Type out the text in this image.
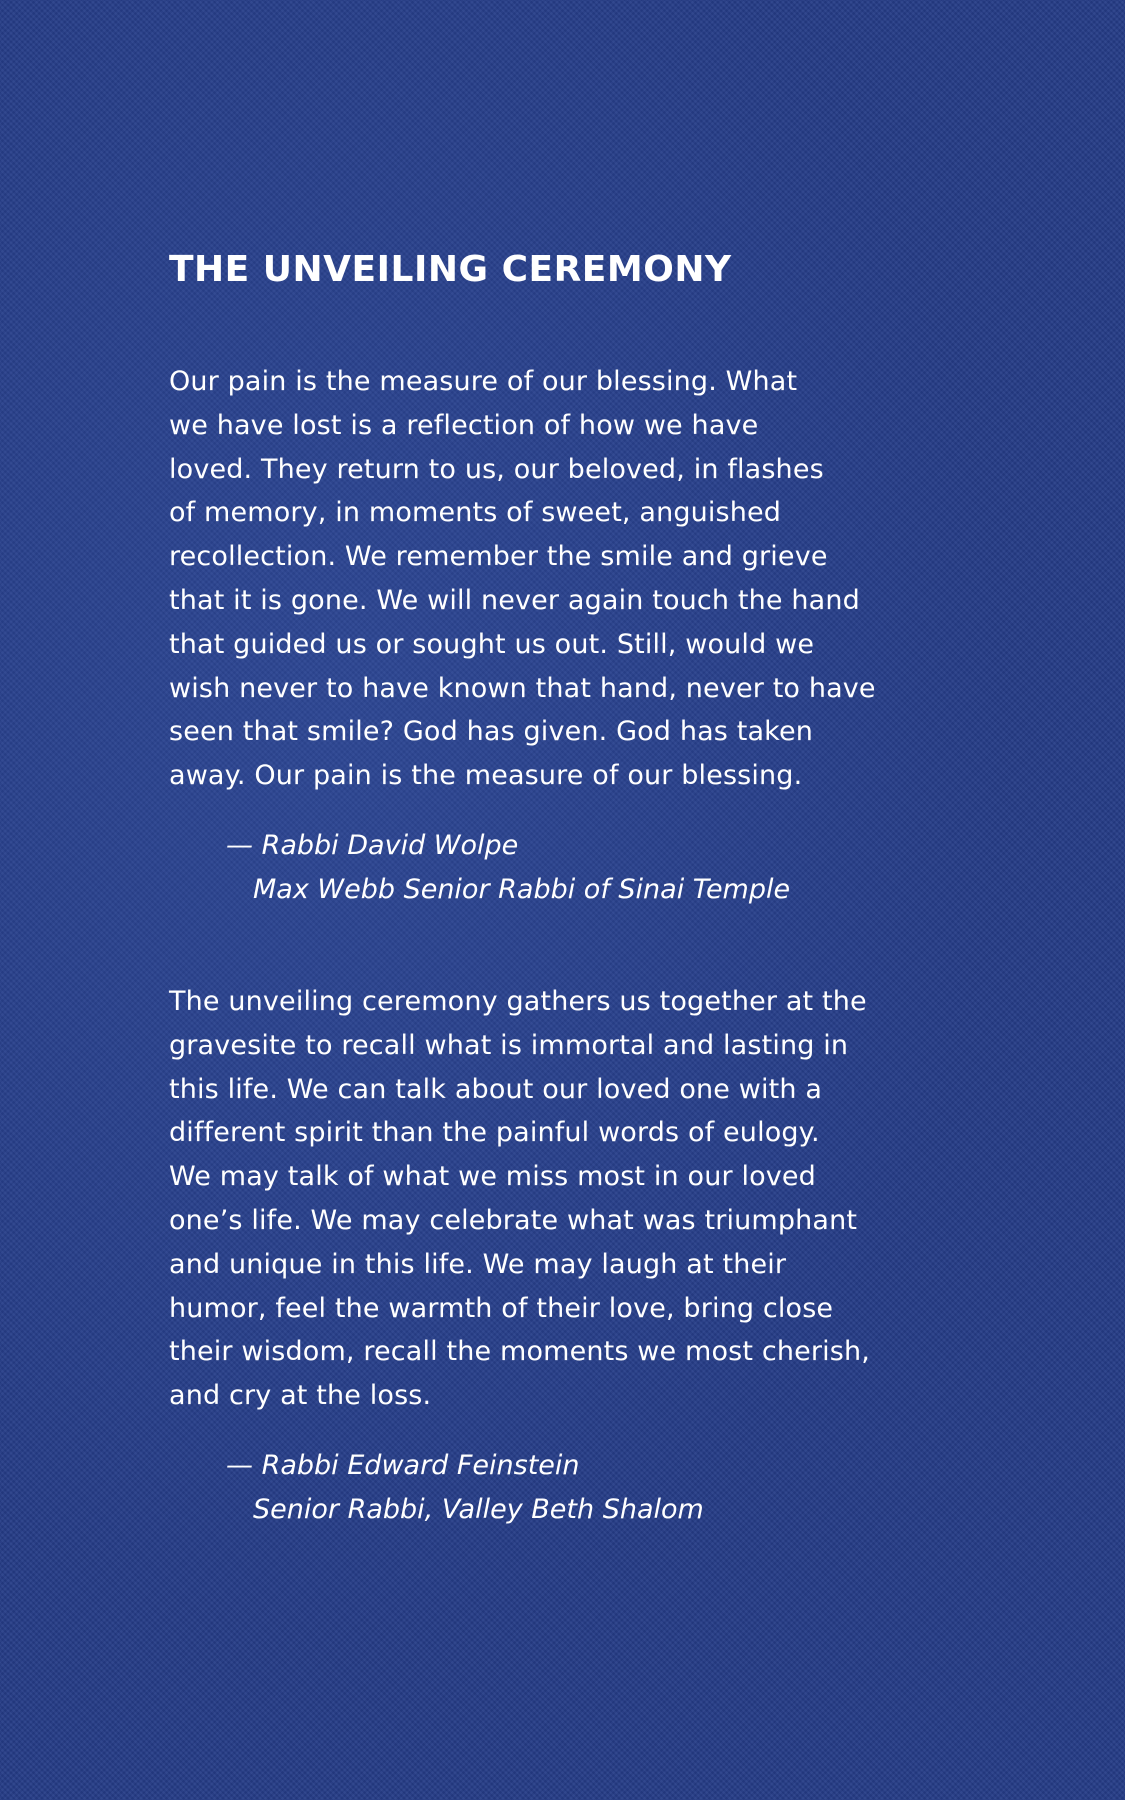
THE UNVEILING CEREMONY

Our pain is the measure of our blessing. What
we have lost is a reflection of how we have
loved. They return to us, our beloved, in flashes
of memory, in moments of sweet, anguished
recollection. We remember the smile and grieve
that it is gone. We will never again touch the hand
that guided us or sought us out. Still, would we
wish never to have known that hand, never to have
seen that smile? God has given. God has taken
away. Our pain is the measure of our blessing.

— Rabbi David Wolpe
Max Webb Senior Rabbi of Sinai Temple

The unveiling ceremony gathers us together at the
gravesite to recall what is immortal and lasting in
this life. We can talk about our loved one with a
different spirit than the painful words of eulogy.
We may talk of what we miss most in our loved
one’s life. We may celebrate what was triumphant
and unique in this life. We may laugh at their
humor, feel the warmth of their love, bring close
their wisdom, recall the moments we most cherish,
and cry at the loss.

— Rabbi Edward Feinstein
Senior Rabbi, Valley Beth Shalom
